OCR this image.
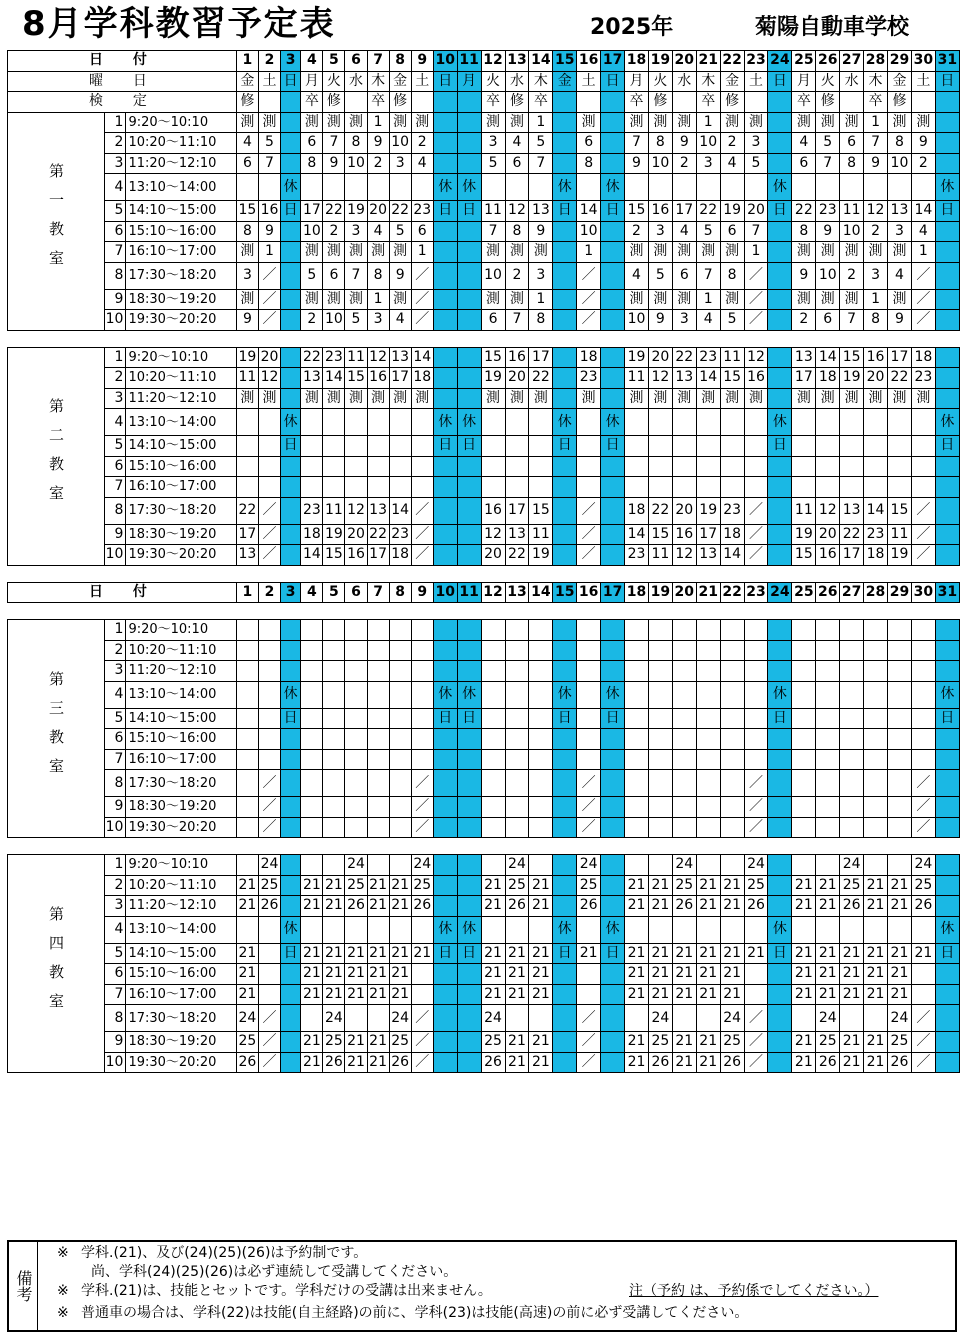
8月学科教習予定表	2025年	菊陽自動車学校
日　付			1	2	3	4	5	6	7	8	9	10	11	12	13	14	15	16	17	18	19	20	21	22	23	24	25	26	27	28	29	30	31
曜　日			金	土	日	月	火	水	木	金	土	日	月	火	水	木	金	土	日	月	火	水	木	金	土	日	月	火	水	木	金	土	日
検　定			修			卒	修		卒	修				卒	修	卒				卒	修		卒	修			卒	修		卒	修		
第一教室	1	9:20〜10:10	測	測		測	測	測	1	測	測			測	測	1		測		測	測	測	1	測	測		測	測	測	1	測	測	
	2	10:20〜11:10	4	5		6	7	8	9	10	2			3	4	5		6		7	8	9	10	2	3		4	5	6	7	8	9	
	3	11:20〜12:10	6	7		8	9	10	2	3	4			5	6	7		8		9	10	2	3	4	5		6	7	8	9	10	2	
	4	13:10〜14:00			休							休	休				休		休							休							休
	5	14:10〜15:00	15	16	日	17	22	19	20	22	23	日	日	11	12	13	日	14	日	15	16	17	22	19	20	日	22	23	11	12	13	14	日
	6	15:10〜16:00	8	9		10	2	3	4	5	6			7	8	9		10		2	3	4	5	6	7		8	9	10	2	3	4	
	7	16:10〜17:00	測	1		測	測	測	測	測	1			測	測	測		1		測	測	測	測	測	1		測	測	測	測	測	1	
	8	17:30〜18:20	3	／		5	6	7	8	9	／			10	2	3		／		4	5	6	7	8	／		9	10	2	3	4	／	
	9	18:30〜19:20	測	／		測	測	測	1	測	／			測	測	1		／		測	測	測	1	測	／		測	測	測	1	測	／	
	10	19:30〜20:20	9	／		2	10	5	3	4	／			6	7	8		／		10	9	3	4	5	／		2	6	7	8	9	／	

第二教室	1	9:20〜10:10	19	20		22	23	11	12	13	14			15	16	17		18		19	20	22	23	11	12		13	14	15	16	17	18	
	2	10:20〜11:10	11	12		13	14	15	16	17	18			19	20	22		23		11	12	13	14	15	16		17	18	19	20	22	23	
	3	11:20〜12:10	測	測		測	測	測	測	測	測			測	測	測		測		測	測	測	測	測	測		測	測	測	測	測	測	
	4	13:10〜14:00			休							休	休				休		休							休							休
	5	14:10〜15:00			日							日	日				日		日							日							日
	6	15:10〜16:00																															
	7	16:10〜17:00																															
	8	17:30〜18:20	22	／		23	11	12	13	14	／			16	17	15		／		18	22	20	19	23	／		11	12	13	14	15	／	
	9	18:30〜19:20	17	／		18	19	20	22	23	／			12	13	11		／		14	15	16	17	18	／		19	20	22	23	11	／	
	10	19:30〜20:20	13	／		14	15	16	17	18	／			20	22	19		／		23	11	12	13	14	／		15	16	17	18	19	／	

日　付			1	2	3	4	5	6	7	8	9	10	11	12	13	14	15	16	17	18	19	20	21	22	23	24	25	26	27	28	29	30	31

第三教室	1	9:20〜10:10																															
	2	10:20〜11:10																															
	3	11:20〜12:10																															
	4	13:10〜14:00			休							休	休				休		休							休							休
	5	14:10〜15:00			日							日	日				日		日							日							日
	6	15:10〜16:00																															
	7	16:10〜17:00																															
	8	17:30〜18:20		／							／							／							／							／	
	9	18:30〜19:20		／							／							／							／							／	
	10	19:30〜20:20		／							／							／							／							／	

第四教室	1	9:20〜10:10		24				24			24				24			24				24			24				24			24	
	2	10:20〜11:10	21	25		21	21	25	21	21	25			21	25	21		25		21	21	25	21	21	25		21	21	25	21	21	25	
	3	11:20〜12:10	21	26		21	21	26	21	21	26			21	26	21		26		21	21	26	21	21	26		21	21	26	21	21	26	
	4	13:10〜14:00			休							休	休				休		休							休							休
	5	14:10〜15:00	21		日	21	21	21	21	21	21	日	日	21	21	21	日	21	日	21	21	21	21	21	21	日	21	21	21	21	21	21	日
	6	15:10〜16:00	21			21	21	21	21	21				21	21	21				21	21	21	21	21			21	21	21	21	21		
	7	16:10〜17:00	21			21	21	21	21	21				21	21	21				21	21	21	21	21			21	21	21	21	21		
	8	17:30〜18:20	24	／			24			24	／			24				／			24			24	／			24			24	／	
	9	18:30〜19:20	25	／		21	25	21	21	25	／			25	21	21		／		21	25	21	21	25	／		21	25	21	21	25	／	
	10	19:30〜20:20	26	／		21	26	21	21	26	／			26	21	21		／		21	26	21	21	26	／		21	26	21	21	26	／	
備考
※ 学科.(21)、及び(24)(25)(26)は予約制です。
尚、学科(24)(25)(26)は必ず連続して受講してください。
※ 学科.(21)は、技能とセットです。学科だけの受講は出来ません。	注（予約 は、予約係でしてください。）
※ 普通車の場合は、学科(22)は技能(自主経路)の前に、学科(23)は技能(高速)の前に必ず受講してください。
